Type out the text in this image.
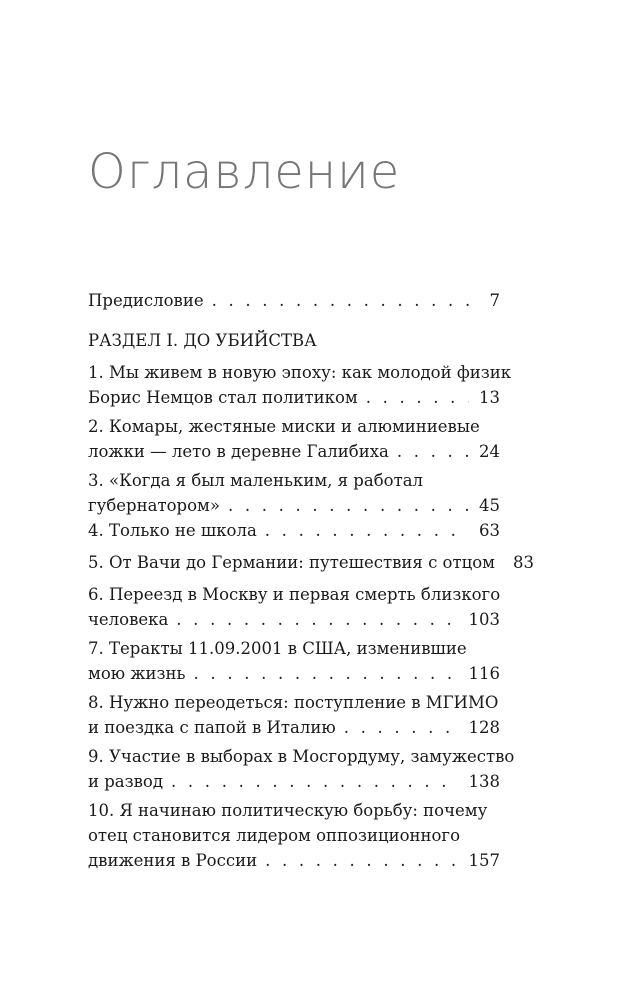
Оглавление
Предисловие . . .	7
РАЗДЕЛ I. ДО УБИЙСТВА
1. Мы живем в новую эпоху: как молодой физик
Борис Немцов стал политиком . . .	13
2. Комары, жестяные миски и алюминиевые
ложки — лето в деревне Галибиха . . .	24
3. «Когда я был маленьким, я работал
губернатором» . . .	45
4. Только не школа . . .	63
5. От Вачи до Германии: путешествия с отцом 83
6. Переезд в Москву и первая смерть близкого
человека . . .	103
7. Теракты 11.09.2001 в США, изменившие
мою жизнь . . .	116
8. Нужно переодеться: поступление в МГИМО
и поездка с папой в Италию . . .	128
9. Участие в выборах в Мосгордуму, замужество
и развод . . .	138
10. Я начинаю политическую борьбу: почему
отец становится лидером оппозиционного
движения в России . . .	157
